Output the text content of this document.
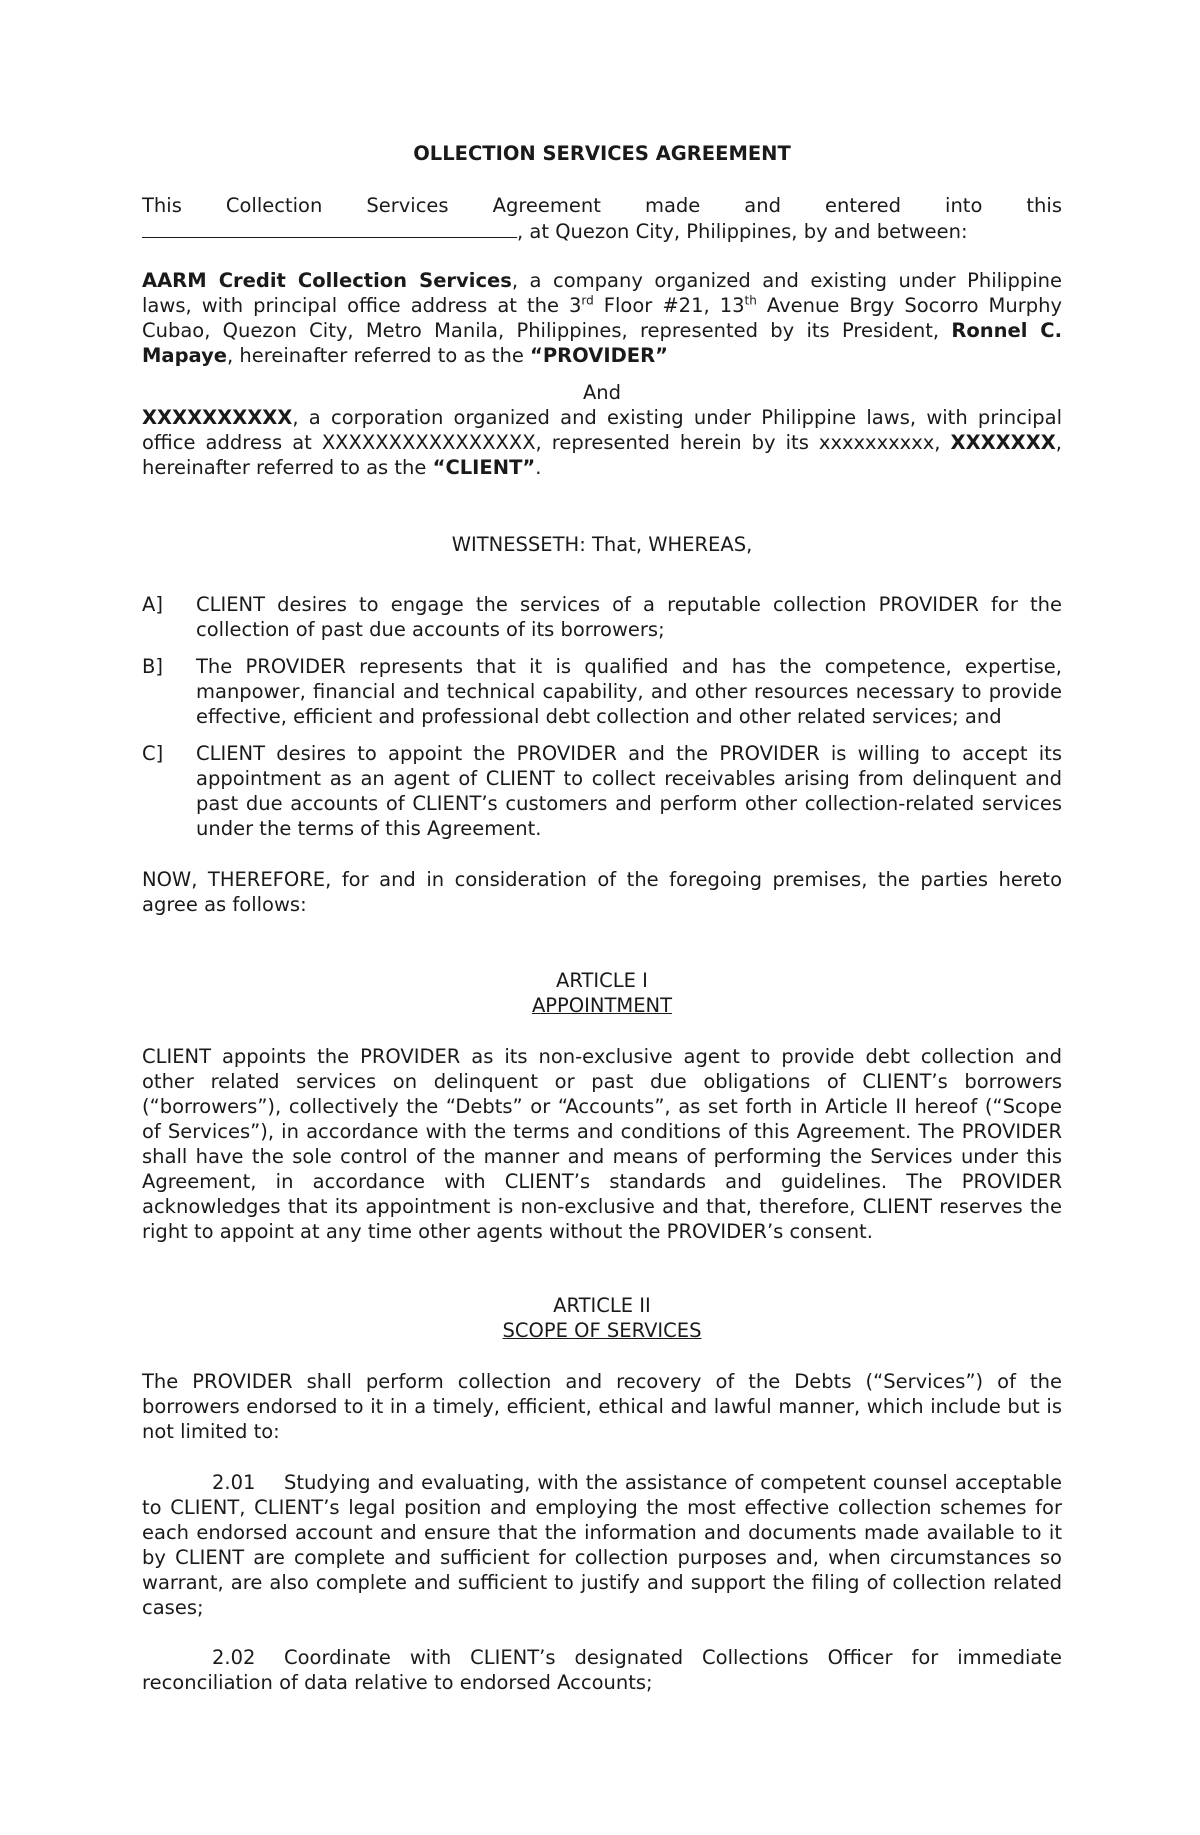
OLLECTION SERVICES AGREEMENT

This Collection Services Agreement made and entered into this

, at Quezon City, Philippines, by and between:

AARM Credit Collection Services, a company organized and existing under Philippine laws, with principal office address at the 3rd Floor #21, 13th Avenue Brgy Socorro Murphy Cubao, Quezon City, Metro Manila, Philippines, represented by its President, Ronnel C. Mapaye, hereinafter referred to as the “PROVIDER”
And
XXXXXXXXXX, a corporation organized and existing under Philippine laws, with principal office address at XXXXXXXXXXXXXXXX, represented herein by its xxxxxxxxxx, XXXXXXX, hereinafter referred to as the “CLIENT”.
WITNESSETH: That, WHEREAS,
A] CLIENT desires to engage the services of a reputable collection PROVIDER for the collection of past due accounts of its borrowers;
B] The PROVIDER represents that it is qualified and has the competence, expertise, manpower, financial and technical capability, and other resources necessary to provide effective, efficient and professional debt collection and other related services; and
C] CLIENT desires to appoint the PROVIDER and the PROVIDER is willing to accept its appointment as an agent of CLIENT to collect receivables arising from delinquent and past due accounts of CLIENT’s customers and perform other collection-related services under the terms of this Agreement.
NOW, THEREFORE, for and in consideration of the foregoing premises, the parties hereto agree as follows:
ARTICLE I
APPOINTMENT
CLIENT appoints the PROVIDER as its non-exclusive agent to provide debt collection and other related services on delinquent or past due obligations of CLIENT’s borrowers (“borrowers”), collectively the “Debts” or “Accounts”, as set forth in Article II hereof (“Scope of Services”), in accordance with the terms and conditions of this Agreement. The PROVIDER shall have the sole control of the manner and means of performing the Services under this Agreement, in accordance with CLIENT’s standards and guidelines. The PROVIDER acknowledges that its appointment is non-exclusive and that, therefore, CLIENT reserves the right to appoint at any time other agents without the PROVIDER’s consent.
ARTICLE II
SCOPE OF SERVICES
The PROVIDER shall perform collection and recovery of the Debts (“Services”) of the borrowers endorsed to it in a timely, efficient, ethical and lawful manner, which include but is not limited to:
2.01 Studying and evaluating, with the assistance of competent counsel acceptable to CLIENT, CLIENT’s legal position and employing the most effective collection schemes for each endorsed account and ensure that the information and documents made available to it by CLIENT are complete and sufficient for collection purposes and, when circumstances so warrant, are also complete and sufficient to justify and support the filing of collection related cases;
2.02 Coordinate with CLIENT’s designated Collections Officer for immediate reconciliation of data relative to endorsed Accounts;
